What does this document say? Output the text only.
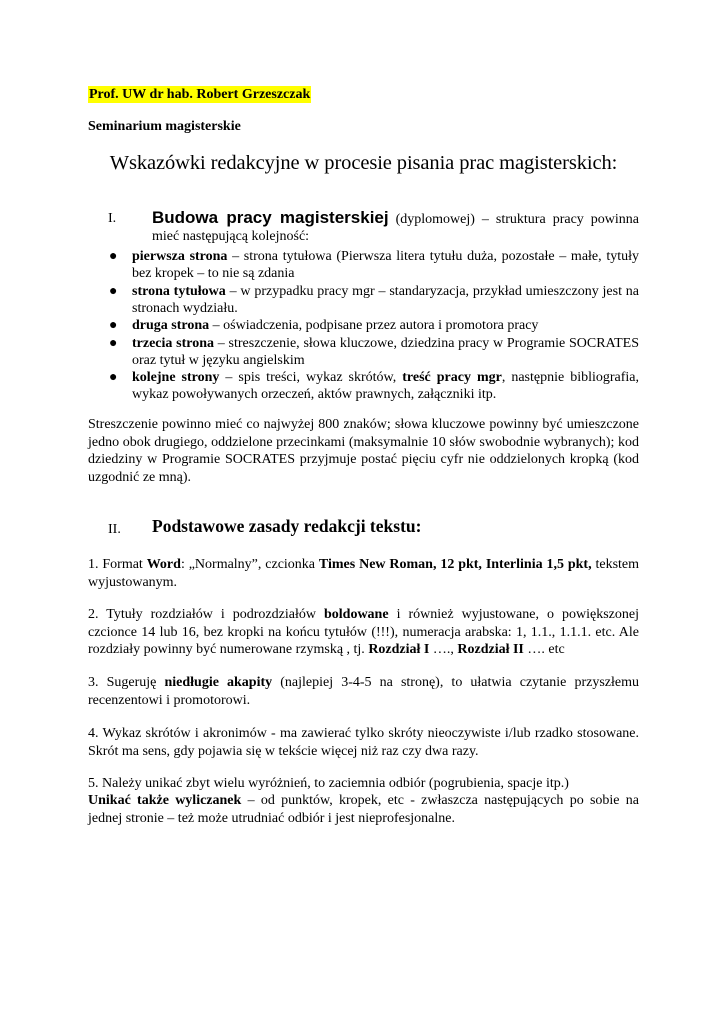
Prof. UW dr hab. Robert Grzeszczak
Seminarium magisterskie
Wskazówki redakcyjne w procesie pisania prac magisterskich:
I. Budowa pracy magisterskiej (dyplomowej) – struktura pracy powinna mieć następującą kolejność:
● pierwsza strona – strona tytułowa (Pierwsza litera tytułu duża, pozostałe – małe, tytuły bez kropek – to nie są zdania
● strona tytułowa – w przypadku pracy mgr – standaryzacja, przykład umieszczony jest na stronach wydziału.
● druga strona – oświadczenia, podpisane przez autora i promotora pracy
● trzecia strona – streszczenie, słowa kluczowe, dziedzina pracy w Programie SOCRATES oraz tytuł w języku angielskim
● kolejne strony – spis treści, wykaz skrótów, treść pracy mgr, następnie bibliografia, wykaz powoływanych orzeczeń, aktów prawnych, załączniki itp.

Streszczenie powinno mieć co najwyżej 800 znaków; słowa kluczowe powinny być umieszczone jedno obok drugiego, oddzielone przecinkami (maksymalnie 10 słów swobodnie wybranych); kod dziedziny w Programie SOCRATES przyjmuje postać pięciu cyfr nie oddzielonych kropką (kod uzgodnić ze mną).

II. Podstawowe zasady redakcji tekstu:

1. Format Word: „Normalny”, czcionka Times New Roman, 12 pkt, Interlinia 1,5 pkt, tekstem wyjustowanym.

2. Tytuły rozdziałów i podrozdziałów boldowane i również wyjustowane, o powiększonej czcionce 14 lub 16, bez kropki na końcu tytułów (!!!), numeracja arabska: 1, 1.1., 1.1.1. etc. Ale rozdziały powinny być numerowane rzymską , tj. Rozdział I …., Rozdział II …. etc

3. Sugeruję niedługie akapity (najlepiej 3-4-5 na stronę), to ułatwia czytanie przyszłemu recenzentowi i promotorowi.

4. Wykaz skrótów i akronimów - ma zawierać tylko skróty nieoczywiste i/lub rzadko stosowane. Skrót ma sens, gdy pojawia się w tekście więcej niż raz czy dwa razy.

5. Należy unikać zbyt wielu wyróżnień, to zaciemnia odbiór (pogrubienia, spacje itp.)

Unikać także wyliczanek – od punktów, kropek, etc - zwłaszcza następujących po sobie na jednej stronie – też może utrudniać odbiór i jest nieprofesjonalne.
